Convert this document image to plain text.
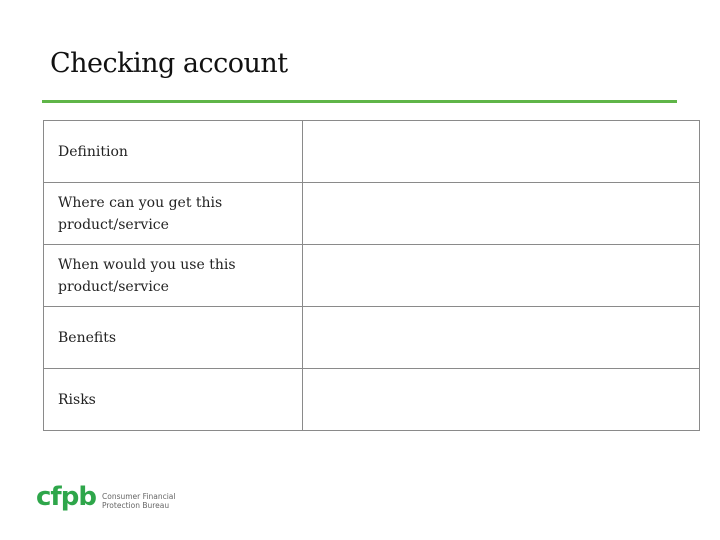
Checking account
Definition	
Where can you get this product/service	
When would you use this product/service	
Benefits	
Risks	
cfpb Consumer Financial
Protection Bureau
